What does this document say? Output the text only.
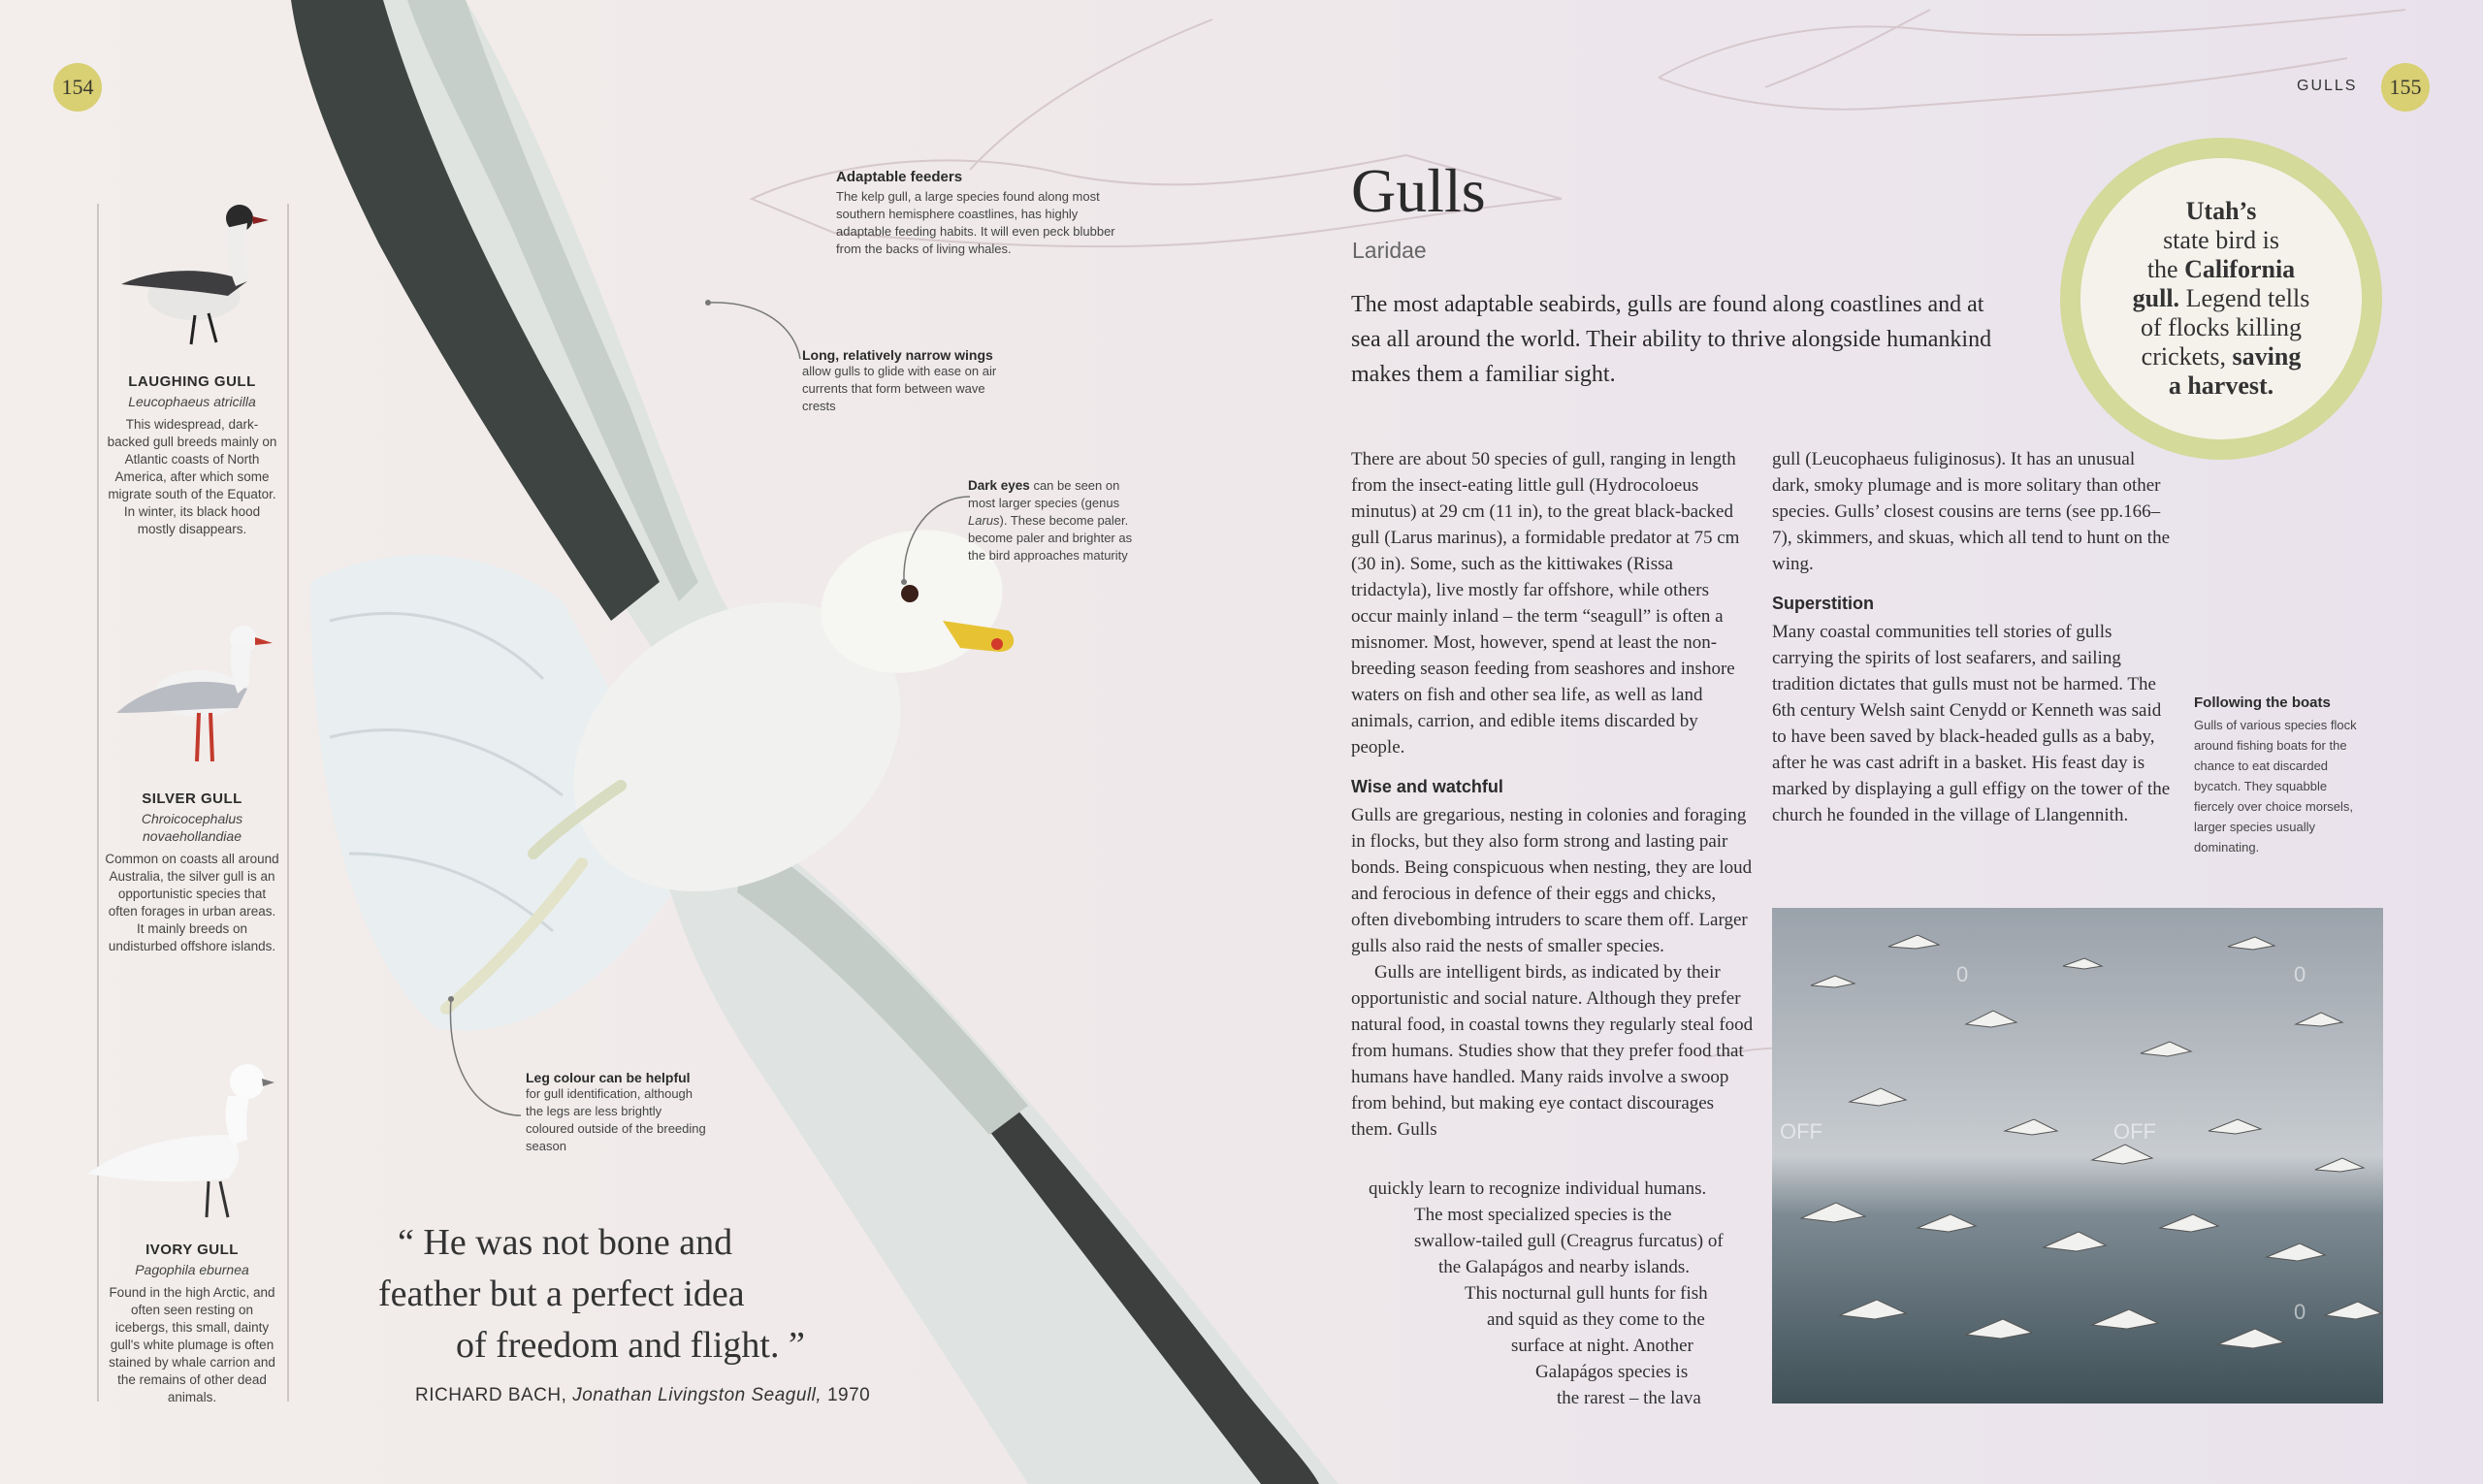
154	GULLS	155
LAUGHING GULL
Leucophaeus atricilla
This widespread, dark-backed gull breeds mainly on Atlantic coasts of North America, after which some migrate south of the Equator. In winter, its black hood mostly disappears.
SILVER GULL
Chroicocephalus novaehollandiae
Common on coasts all around Australia, the silver gull is an opportunistic species that often forages in urban areas. It mainly breeds on undisturbed offshore islands.
IVORY GULL
Pagophila eburnea
Found in the high Arctic, and often seen resting on icebergs, this small, dainty gull's white plumage is often stained by whale carrion and the remains of other dead animals.
Adaptable feeders
The kelp gull, a large species found along most southern hemisphere coastlines, has highly adaptable feeding habits. It will even peck blubber from the backs of living whales.
Long, relatively narrow wings
allow gulls to glide with ease on air currents that form between wave crests
Dark eyes can be seen on most larger species (genus Larus). These become paler. become paler and brighter as the bird approaches maturity
Leg colour can be helpful
for gull identification, although the legs are less brightly coloured outside of the breeding season
“ He was not bone and
feather but a perfect idea
of freedom and flight. ”
RICHARD BACH, Jonathan Livingston Seagull, 1970
Gulls
Laridae
The most adaptable seabirds, gulls are found along coastlines and at sea all around the world. Their ability to thrive alongside humankind makes them a familiar sight.
Utah’s
state bird is
the California
gull. Legend tells
of flocks killing
crickets, saving
a harvest.

There are about 50 species of gull, ranging in length from the insect-eating little gull (Hydrocoloeus minutus) at 29 cm (11 in), to the great black-backed gull (Larus marinus), a formidable predator at 75 cm (30 in). Some, such as the kittiwakes (Rissa tridactyla), live mostly far offshore, while others occur mainly inland – the term “seagull” is often a misnomer. Most, however, spend at least the non-breeding season feeding from seashores and inshore waters on fish and other sea life, as well as land animals, carrion, and edible items discarded by people.

Wise and watchful

Gulls are gregarious, nesting in colonies and foraging in flocks, but they also form strong and lasting pair bonds. Being conspicuous when nesting, they are loud and ferocious in defence of their eggs and chicks, often divebombing intruders to scare them off. Larger gulls also raid the nests of smaller species.

Gulls are intelligent birds, as indicated by their opportunistic and social nature. Although they prefer natural food, in coastal towns they regularly steal food from humans. Studies show that they prefer food that humans have handled. Many raids involve a swoop from behind, but making eye contact discourages them. Gulls

quickly learn to recognize individual humans.
The most specialized species is the
swallow-tailed gull (Creagrus furcatus) of
the Galapágos and nearby islands.
This nocturnal gull hunts for fish
and squid as they come to the
surface at night. Another
Galapágos species is
the rarest – the lava

gull (Leucophaeus fuliginosus). It has an unusual dark, smoky plumage and is more solitary than other species. Gulls’ closest cousins are terns (see pp.166–7), skimmers, and skuas, which all tend to hunt on the wing.

Superstition

Many coastal communities tell stories of gulls carrying the spirits of lost seafarers, and sailing tradition dictates that gulls must not be harmed. The 6th century Welsh saint Cenydd or Kenneth was said to have been saved by black-headed gulls as a baby, after he was cast adrift in a basket. His feast day is marked by displaying a gull effigy on the tower of the church he founded in the village of Llangennith.

Following the boats
Gulls of various species flock around fishing boats for the chance to eat discarded bycatch. They squabble fiercely over choice morsels, larger species usually dominating.
OFF	OFF
0	0
0
